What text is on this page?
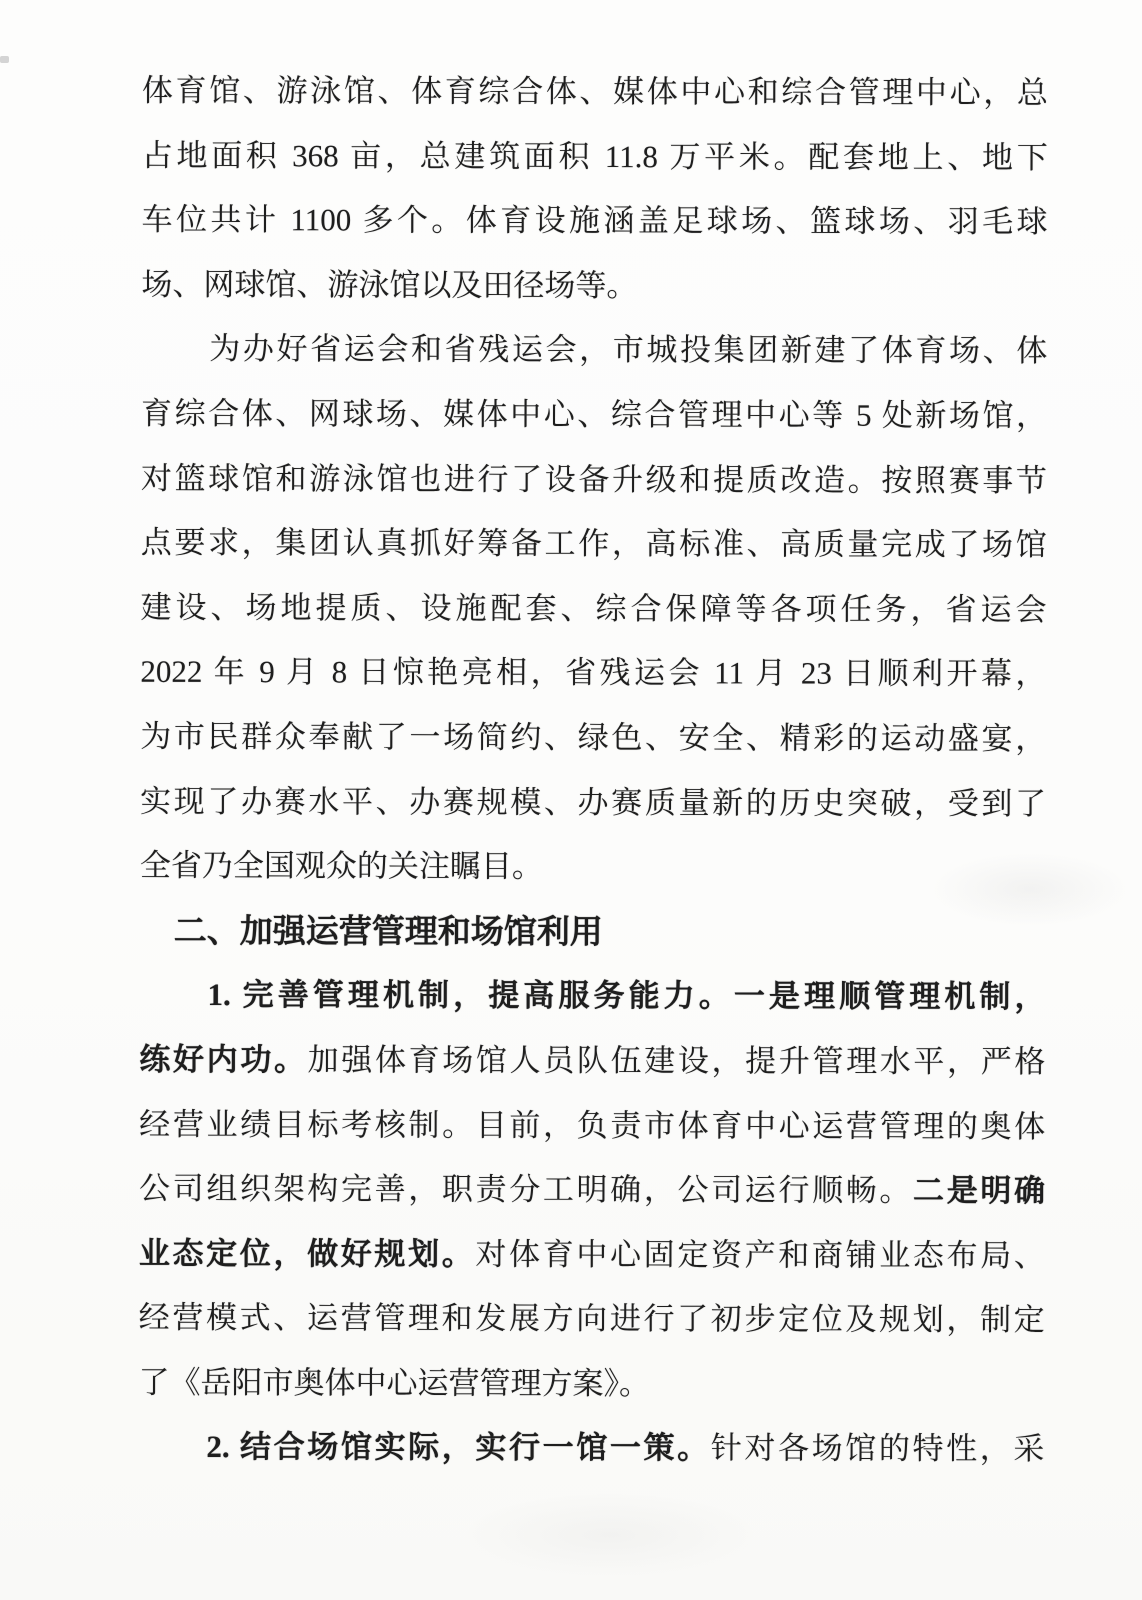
体育馆、游泳馆、体育综合体、媒体中心和综合管理中心，总
占地面积 368 亩，总建筑面积 11.8 万平米。配套地上、地下
车位共计 1100 多个。体育设施涵盖足球场、篮球场、羽毛球
场、网球馆、游泳馆以及田径场等。
为办好省运会和省残运会，市城投集团新建了体育场、体
育综合体、网球场、媒体中心、综合管理中心等 5 处新场馆，
对篮球馆和游泳馆也进行了设备升级和提质改造。按照赛事节
点要求，集团认真抓好筹备工作，高标准、高质量完成了场馆
建设、场地提质、设施配套、综合保障等各项任务，省运会
2022 年 9 月 8 日惊艳亮相，省残运会 11 月 23 日顺利开幕，
为市民群众奉献了一场简约、绿色、安全、精彩的运动盛宴，
实现了办赛水平、办赛规模、办赛质量新的历史突破，受到了
全省乃全国观众的关注瞩目。
二、加强运营管理和场馆利用
1. 完善管理机制，提高服务能力。一是理顺管理机制，
练好内功。加强体育场馆人员队伍建设，提升管理水平，严格
经营业绩目标考核制。目前，负责市体育中心运营管理的奥体
公司组织架构完善，职责分工明确，公司运行顺畅。二是明确
业态定位，做好规划。对体育中心固定资产和商铺业态布局、
经营模式、运营管理和发展方向进行了初步定位及规划，制定
了《岳阳市奥体中心运营管理方案》。
2. 结合场馆实际，实行一馆一策。针对各场馆的特性，采
